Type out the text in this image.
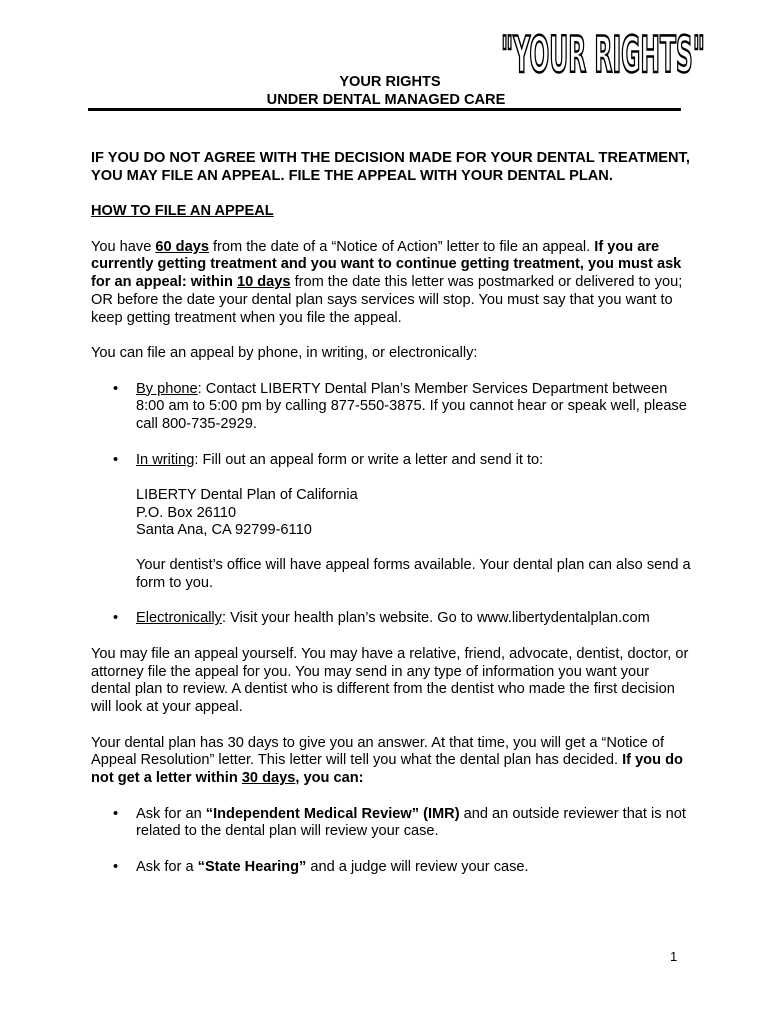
"YOUR RIGHTS"
YOUR RIGHTS
UNDER DENTAL MANAGED CARE

IF YOU DO NOT AGREE WITH THE DECISION MADE FOR YOUR DENTAL TREATMENT, YOU MAY FILE AN APPEAL. FILE THE APPEAL WITH YOUR DENTAL PLAN.

HOW TO FILE AN APPEAL

You have 60 days from the date of a “Notice of Action” letter to file an appeal. If you are currently getting treatment and you want to continue getting treatment, you must ask for an appeal: within 10 days from the date this letter was postmarked or delivered to you; OR before the date your dental plan says services will stop. You must say that you want to keep getting treatment when you file the appeal.

You can file an appeal by phone, in writing, or electronically:

• By phone: Contact LIBERTY Dental Plan’s Member Services Department between 8:00 am to 5:00 pm by calling 877-550-3875. If you cannot hear or speak well, please call 800-735-2929.
• In writing: Fill out an appeal form or write a letter and send it to:
LIBERTY Dental Plan of California
P.O. Box 26110
Santa Ana, CA 92799-6110
Your dentist’s office will have appeal forms available. Your dental plan can also send a form to you.
• Electronically: Visit your health plan’s website. Go to www.libertydentalplan.com

You may file an appeal yourself. You may have a relative, friend, advocate, dentist, doctor, or attorney file the appeal for you. You may send in any type of information you want your dental plan to review. A dentist who is different from the dentist who made the first decision will look at your appeal.

Your dental plan has 30 days to give you an answer. At that time, you will get a “Notice of Appeal Resolution” letter. This letter will tell you what the dental plan has decided. If you do not get a letter within 30 days, you can:

• Ask for an “Independent Medical Review” (IMR) and an outside reviewer that is not related to the dental plan will review your case.
• Ask for a “State Hearing” and a judge will review your case.
1
